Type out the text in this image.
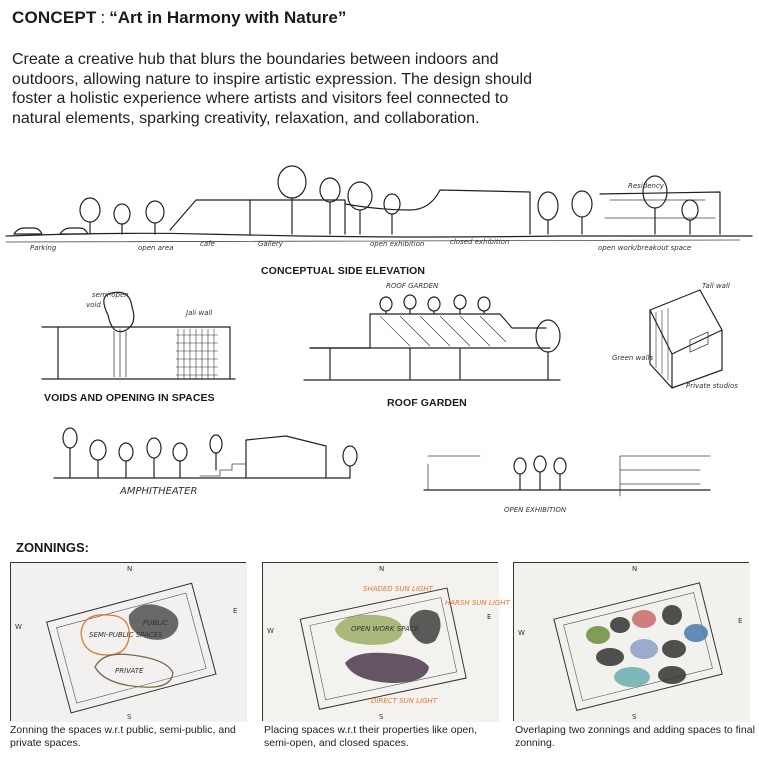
CONCEPT : “Art in Harmony with Nature”

Create a creative hub that blurs the boundaries between indoors and outdoors, allowing nature to inspire artistic expression. The design should foster a holistic experience where artists and visitors feel connected to natural elements, sparking creativity, relaxation, and collaboration.

Parking	open area	cafe	Gallery	open exhibition	closed exhibition
open work/breakout space
Residency
CONCEPTUAL SIDE ELEVATION
semi-open
void
Jali wall
VOIDS AND OPENING IN SPACES
ROOF GARDEN
ROOF GARDEN
Tall wall
Green walls
Private studios
AMPHITHEATER
OPEN EXHIBITION
ZONNINGS:
SEMI-PUBLIC SPACES
PUBLIC
PRIVATE
N
S
E
W
Zonning the spaces w.r.t public, semi-public, and private spaces.
SHADED SUN LIGHT
OPEN WORK SPACE
HARSH SUN LIGHT
DIRECT SUN LIGHT
N
S
E
W
Placing spaces w.r.t their properties like open, semi-open, and closed spaces.
N
S
E
W
Overlaping two zonnings and adding spaces to final zonning.
